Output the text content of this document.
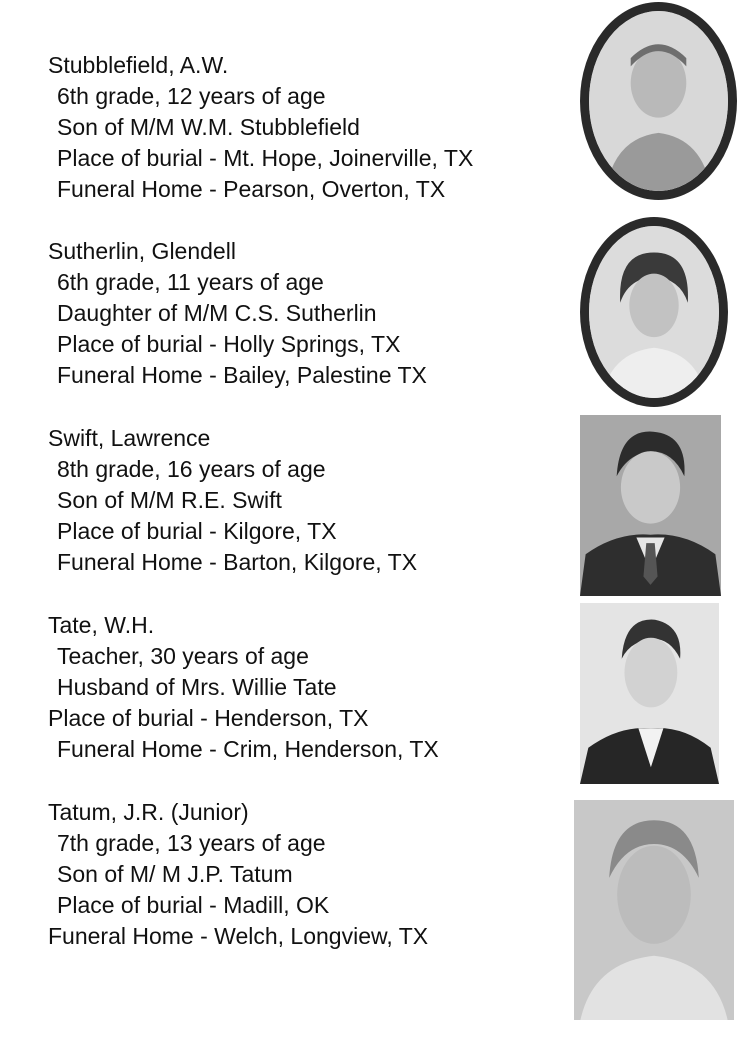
Stubblefield, A.W.
6th grade, 12 years of age
Son of M/M W.M. Stubblefield
Place of burial - Mt. Hope, Joinerville, TX
Funeral Home - Pearson, Overton, TX
Sutherlin, Glendell
6th grade, 11 years of age
Daughter of M/M C.S. Sutherlin
Place of burial - Holly Springs, TX
Funeral Home - Bailey, Palestine TX
Swift, Lawrence
8th grade, 16 years of age
Son of M/M R.E. Swift
Place of burial - Kilgore, TX
Funeral Home - Barton, Kilgore, TX
Tate, W.H.
Teacher, 30 years of age
Husband of Mrs. Willie Tate
Place of burial - Henderson, TX
Funeral Home - Crim, Henderson, TX
Tatum, J.R. (Junior)
7th grade, 13 years of age
Son of M/ M J.P. Tatum
Place of burial - Madill, OK
Funeral Home - Welch, Longview, TX
